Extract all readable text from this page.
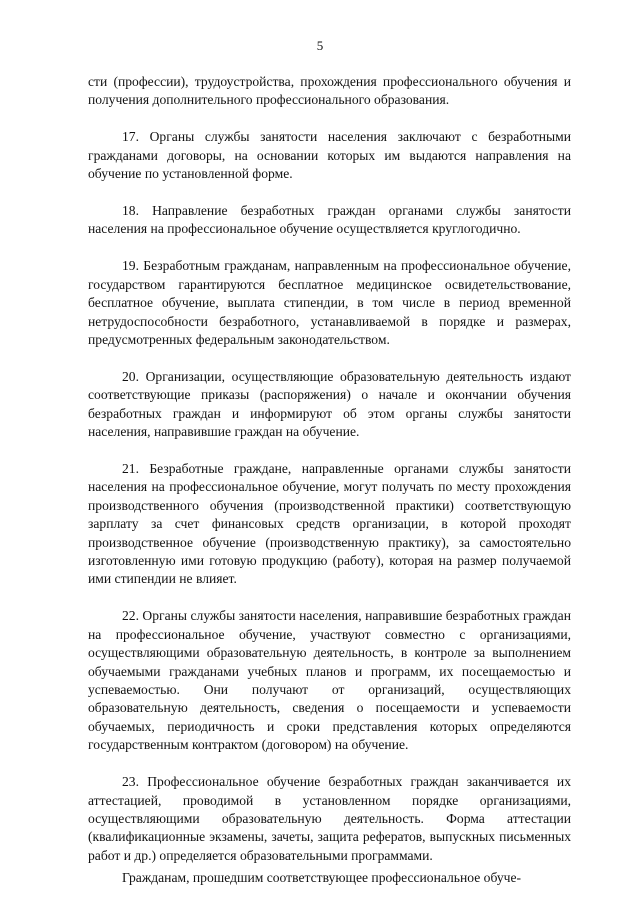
5

сти (профессии), трудоустройства, прохождения профессионального обучения и получения дополнительного профессионального образования.

17. Органы службы занятости населения заключают с безработными гражданами договоры, на основании которых им выдаются направления на обучение по установленной форме.

18. Направление безработных граждан органами службы занятости населения на профессиональное обучение осуществляется круглогодично.

19. Безработным гражданам, направленным на профессиональное обучение, государством гарантируются бесплатное медицинское освидетельствование, бесплатное обучение, выплата стипендии, в том числе в период временной нетрудоспособности безработного, устанавливаемой в порядке и размерах, предусмотренных федеральным законодательством.

20. Организации, осуществляющие образовательную деятельность издают соответствующие приказы (распоряжения) о начале и окончании обучения безработных граждан и информируют об этом органы службы занятости населения, направившие граждан на обучение.

21. Безработные граждане, направленные органами службы занятости населения на профессиональное обучение, могут получать по месту прохождения производственного обучения (производственной практики) соответствующую зарплату за счет финансовых средств организации, в которой проходят производственное обучение (производственную практику), за самостоятельно изготовленную ими готовую продукцию (работу), которая на размер получаемой ими стипендии не влияет.

22. Органы службы занятости населения, направившие безработных граждан на профессиональное обучение, участвуют совместно с организациями, осуществляющими образовательную деятельность, в контроле за выполнением обучаемыми гражданами учебных планов и программ, их посещаемостью и успеваемостью. Они получают от организаций, осуществляющих образовательную деятельность, сведения о посещаемости и успеваемости обучаемых, периодичность и сроки представления которых определяются государственным контрактом (договором) на обучение.

23. Профессиональное обучение безработных граждан заканчивается их аттестацией, проводимой в установленном порядке организациями, осуществляющими образовательную деятельность. Форма аттестации (квалификационные экзамены, зачеты, защита рефератов, выпускных письменных работ и др.) определяется образовательными программами.

Гражданам, прошедшим соответствующее профессиональное обуче-
